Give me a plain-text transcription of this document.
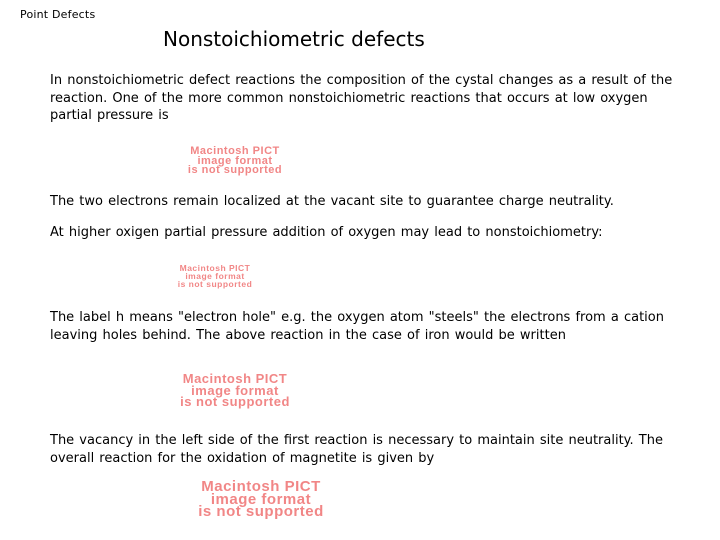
Point Defects
Nonstoichiometric defects
In nonstoichiometric defect reactions the composition of the cystal changes as a result of the reaction. One of the more common nonstoichiometric reactions that occurs at low oxygen partial pressure is
Macintosh PICT
image format
is not supported
The two electrons remain localized at the vacant site to guarantee charge neutrality.
At higher oxigen partial pressure addition of oxygen may lead to nonstoichiometry:
Macintosh PICT
image format
is not supported
The label h means "electron hole" e.g. the oxygen atom "steels" the electrons from a cation leaving holes behind. The above reaction in the case of iron would be written
Macintosh PICT
image format
is not supported
The vacancy in the left side of the first reaction is necessary to maintain site neutrality. The overall reaction for the oxidation of magnetite is given by
Macintosh PICT
image format
is not supported
